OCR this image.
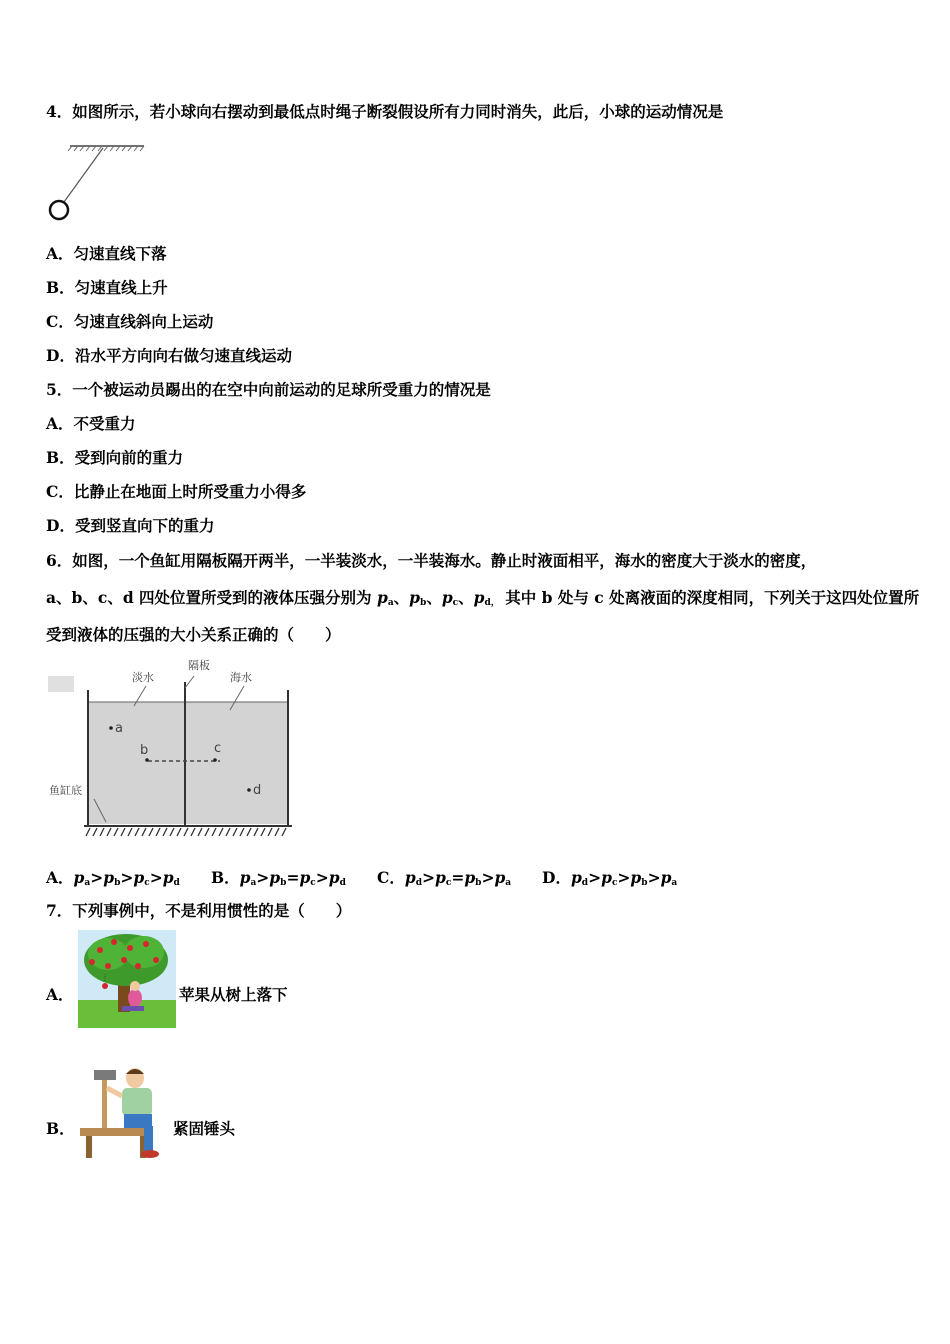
4．如图所示，若小球向右摆动到最低点时绳子断裂假设所有力同时消失，此后，小球的运动情况是
A．匀速直线下落
B．匀速直线上升
C．匀速直线斜向上运动
D．沿水平方向向右做匀速直线运动
5．一个被运动员踢出的在空中向前运动的足球所受重力的情况是
A．不受重力
B．受到向前的重力
C．比静止在地面上时所受重力小得多
D．受到竖直向下的重力
6．如图，一个鱼缸用隔板隔开两半，一半装淡水，一半装海水。静止时液面相平，海水的密度大于淡水的密度，
a、b、c、d 四处位置所受到的液体压强分别为 $p_a$、$p_b$、$p_c$、$p_{d,}$ 其中 b 处与 c 处离液面的深度相同，下列关于这四处位置所
受到液体的压强的大小关系正确的（　　）
淡水
隔板
海水
鱼缸底
a
b	c
d
A．$p_a>p_b>p_c>p_d$ B．$p_a>p_b=p_c>p_d$ C．$p_d>p_c=p_b>p_a$ D．$p_d>p_c>p_b>p_a$
7．下列事例中，不是利用惯性的是（　　）
A．	苹果从树上落下
B．	紧固锤头
